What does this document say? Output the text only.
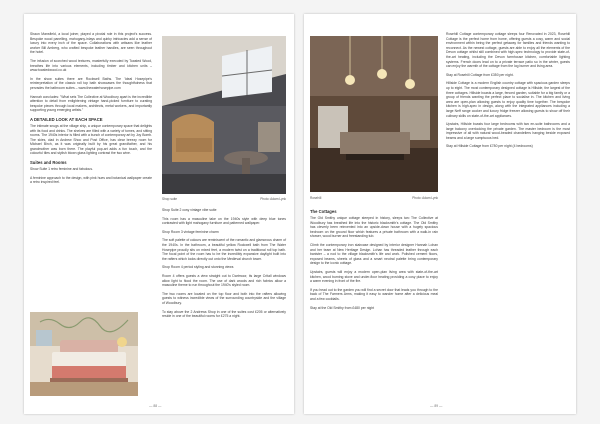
Shaun Mansfield, a local joiner, played a pivotal role in this project's success. Bespoke wood panelling, mahogany-inlays and quirky intricacies add a sense of luxury into every inch of the space. Collaborations with artisans like leather worker Bill Amberg, who crafted bespoke leather handles, are seen throughout the hotel.

The infusion of scorched wood textures, masterfully executed by Toasted Wood, breathes life into various elements, including timber and kitchen units – www.toastedwood.co.uk

In the show suites there are Rockwell Baths. The 'Ideal Hosepipe's reinterpretation of the classic roll top bath showcases the thoughtfulness that pervades the bathroom suites – www.thewaterhosepipe.com

Hannah concludes: "What sets The Collective at Woodbury apart is the incredible attention to detail from enlightening vintage hand-picked furniture to curating bespoke pieces through local makers, architects, metal workers, and importantly supporting young emerging artists."

A DETAILED LOOK AT EACH SPACE

The intimate snugs at the village ship, a unique contemporary space that delights with its food and drinks. The shelves are filled with a variety of tomes, and sitting rooms. The 1940s interior is filled with a bunch of contemporary art by Joy Bomb. The skies, clad in Andrew Shoo and Post Office, has clear breezy room for Michael Birch, as it was originally built by his great grandfather, and his grandmother was born there. The playful pop-art adds a fun touch, and the colourful tiles and stylish blown glass lighting contrast the two wine.

Suites and Rooms

Show Suite 1 retro feminine and fabulous.

A feminine approach to the design, with pink hues and botanical wallpaper create a retro inspired feel.

Shop suite	Photo: Adam Lynk

Shop Suite 2 cosy vintage vibe suite

This room has a masculine take on the 1940s style with deep blue tones contrasted with light mahogany furniture and patterned wallpaper.

Shop Room 3 vintage feminine charm

The soft palette of colours are reminiscent of the romantic and glamorous charm of the 1940s. In the bathroom, a beautiful yellow Rockwell bath from The Water Hosepipe proudly sits on mixed feet, a modern twist on a traditional roll top bath. The focal point of the room has to be the incredibly expansive daylight built into the rafters which looks directly out onto the Medieval church tower.

Shop Room 4 period styling and stunning views

Room 4 offers guests a view straight out to Dartmoor, its large Critall windows allow light to flood the room. The use of dark woods and rich fabrics allow a masculine theme to run throughout the 1940's styled room.

The two rooms are located on the top floor and both into the rafters allowing guests to witness incredible views of the surrounding countryside and the village of Woodbury.

To stay above the 2 Andrews Shop in one of the suites cost £205 or alternatively reside in one of the beautiful rooms for £275 a night.

— 88 —
Rosehill	Photo: Adam Lynk
The Cottages

The Old Smithy unique cottage steeped in history, sleeps two The Collective at Woodbury has breathed life into the historic blacksmith's cottage. The Old Smithy has cleverly been reinvented into an upside-down house with a hugely spacious bedroom on the ground floor which features a private bathroom with a walk-in rain shower, wood burner and freestanding tub.

Climb the contemporary iron staircase designed by interior designer Hannah Lohan and her team at New Heritage Design. Lohan has threaded leather through each banister – a nod to the village blacksmith's life and work. Polished cement floors, exposed beams, sheets of glass and a smart neutral palette bring contemporary design to the iconic cottage.

Upstairs, guests will enjoy a modern open-plan living area with state-of-the-art kitchen, wood burning stove and under-floor heating providing a cosy place to enjoy a warm evening in front of the fire.

If you head out to the garden you will find a secret door that leads you through to the back of The Farmers Arms, making it easy to wander home after a delicious meal and a few cocktails.

Stay at the Old Smithy from £480 per night

Rosehill Cottage contemporary cottage sleeps four Renovated in 2023, Rosehill Cottage is the perfect home from home, offering guests a cosy, warm and social environment within being the perfect getaway for families and friends wanting to reconnect. As the newest cottage, guests are able to enjoy all the elements of the Devon cottage whilst still combined with high-spec technology to provide state-of-the-art heating, including the Devon farmhouse kitchen, comfortable lighting systems. French doors lead on to a private terrace patio so in the winter, guests can enjoy the warmth of the cottage from the log burner and living area.

Stay at Rosehill Cottage from £350 per night.

Hillside Cottage is a modern English country cottage with spacious garden sleeps up to eight. The most contemporary designed cottage is Hillside, the largest of the three cottages. Hillside boasts a large, fenced garden, suitable for a big family or a group of friends wanting the perfect place to socialise in. The kitchen and living area are open-plan allowing guests to enjoy quality time together. The bespoke kitchen is high-spec in design, along with the integrated appliances including a large Neff range cooker and luxury fridge freezer allowing guests to show off their culinary skills on state-of-the-art appliances.

Upstairs, Hillside boasts four large bedrooms with two en-suite bathrooms and a large balcony overlooking the private garden. The master bedroom is the most impressive of all with natural wood-beaded chandeliers hanging beside exposed beams and a large sumptuous bed.

Stay at Hillside Cottage from £780 per night (4 bedrooms)

— 89 —
